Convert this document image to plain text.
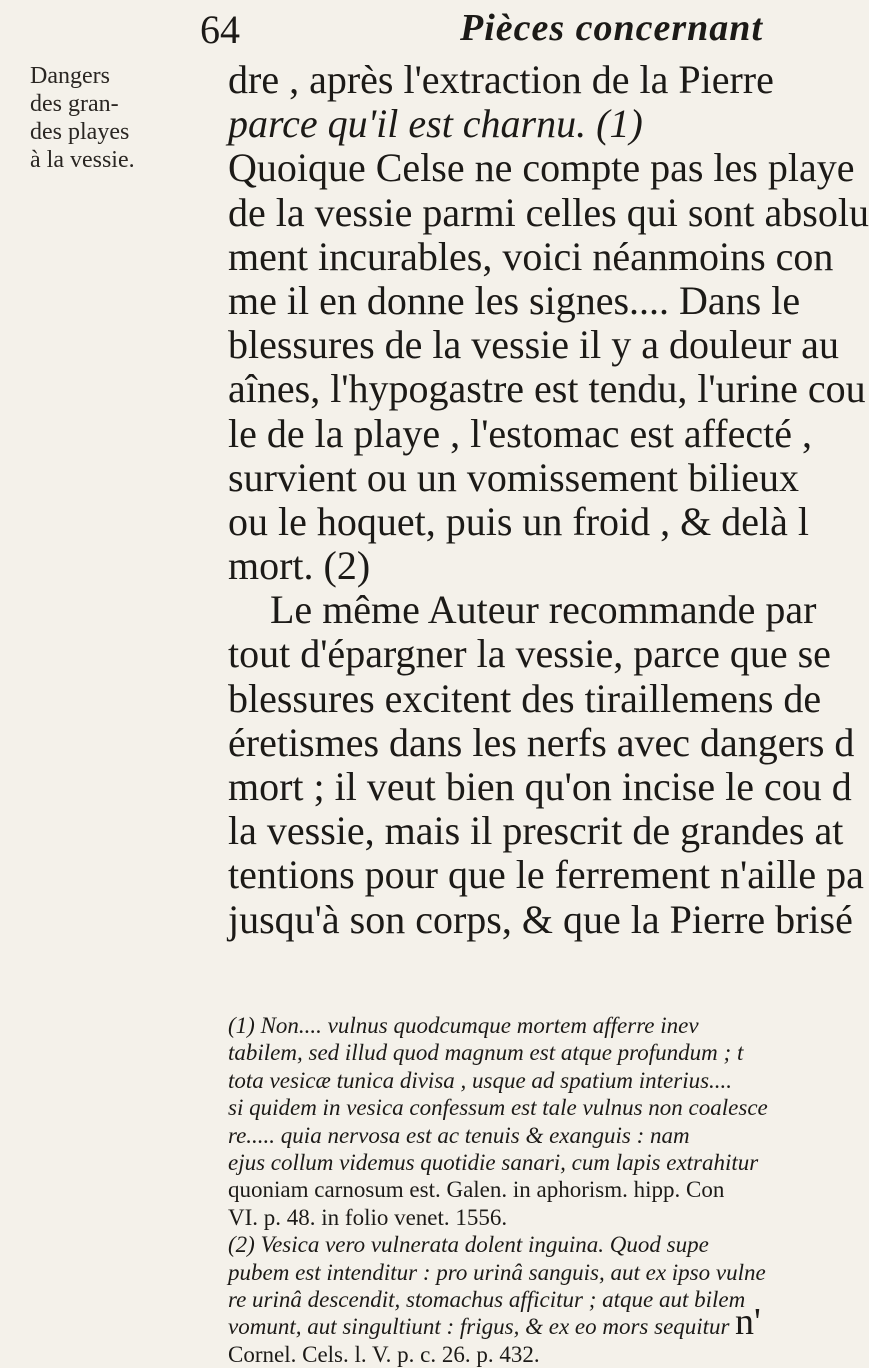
64	Pièces concernant
Dangers
des gran-
des playes
à la vessie.
dre , après l'extraction de la Pierre
parce qu'il est charnu. (1)
Quoique Celse ne compte pas les playe
de la vessie parmi celles qui sont absolu
ment incurables, voici néanmoins con
me il en donne les signes.... Dans le
blessures de la vessie il y a douleur au
aînes, l'hypogastre est tendu, l'urine cou
le de la playe , l'estomac est affecté ,
survient ou un vomissement bilieux
ou le hoquet, puis un froid , & delà l
mort. (2)
Le même Auteur recommande par
tout d'épargner la vessie, parce que se
blessures excitent des tiraillemens de
éretismes dans les nerfs avec dangers d
mort ; il veut bien qu'on incise le cou d
la vessie, mais il prescrit de grandes at
tentions pour que le ferrement n'aille pa
jusqu'à son corps, & que la Pierre brisé
(1) Non.... vulnus quodcumque mortem afferre inev
tabilem, sed illud quod magnum est atque profundum ; t
tota vesicæ tunica divisa , usque ad spatium interius....
si quidem in vesica confessum est tale vulnus non coalesce
re..... quia nervosa est ac tenuis & exanguis : nam
ejus collum videmus quotidie sanari, cum lapis extrahitur
quoniam carnosum est. Galen. in aphorism. hipp. Con
VI. p. 48. in folio venet. 1556.
(2) Vesica vero vulnerata dolent inguina. Quod supe
pubem est intenditur : pro urinâ sanguis, aut ex ipso vulne
re urinâ descendit, stomachus afficitur ; atque aut bilem
vomunt, aut singultiunt : frigus, & ex eo mors sequitur
Cornel. Cels. l. V. p. c. 26. p. 432.
n'
